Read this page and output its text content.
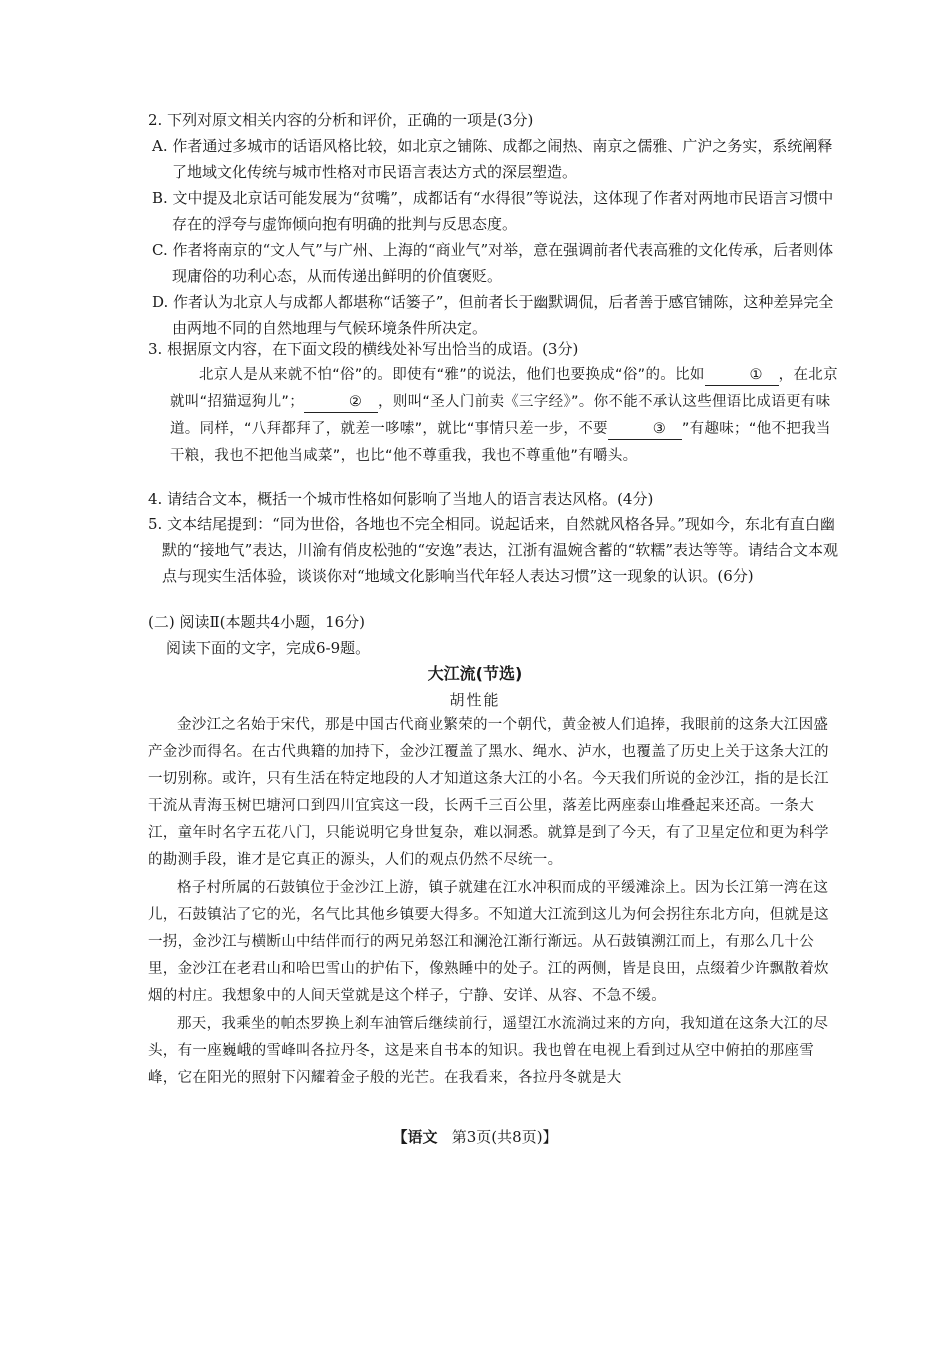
2. 下列对原文相关内容的分析和评价，正确的一项是(3分)

A. 作者通过多城市的话语风格比较，如北京之铺陈、成都之闹热、南京之儒雅、广沪之务实，系统阐释了地域文化传统与城市性格对市民语言表达方式的深层塑造。

B. 文中提及北京话可能发展为“贫嘴”，成都话有“水得很”等说法，这体现了作者对两地市民语言习惯中存在的浮夸与虚饰倾向抱有明确的批判与反思态度。

C. 作者将南京的“文人气”与广州、上海的“商业气”对举，意在强调前者代表高雅的文化传承，后者则体现庸俗的功利心态，从而传递出鲜明的价值褒贬。

D. 作者认为北京人与成都人都堪称“话篓子”，但前者长于幽默调侃，后者善于感官铺陈，这种差异完全由两地不同的自然地理与气候环境条件所决定。

3. 根据原文内容，在下面文段的横线处补写出恰当的成语。(3分)

北京人是从来就不怕“俗”的。即使有“雅”的说法，他们也要换成“俗”的。比如	① ，在北京就叫“招猫逗狗儿”；	② ，则叫“圣人门前卖《三字经》”。你不能不承认这些俚语比成语更有味道。同样，“八拜都拜了，就差一哆嗦”，就比“事情只差一步，不要	③ ”有趣味；“他不把我当干粮，我也不把他当咸菜”，也比“他不尊重我，我也不尊重他”有嚼头。

4. 请结合文本，概括一个城市性格如何影响了当地人的语言表达风格。(4分)

5. 文本结尾提到：“同为世俗，各地也不完全相同。说起话来，自然就风格各异。”现如今，东北有直白幽默的“接地气”表达，川渝有俏皮松弛的“安逸”表达，江浙有温婉含蓄的“软糯”表达等等。请结合文本观点与现实生活体验，谈谈你对“地域文化影响当代年轻人表达习惯”这一现象的认识。(6分)

(二) 阅读Ⅱ(本题共4小题，16分)

阅读下面的文字，完成6-9题。

大江流(节选)
胡性能

金沙江之名始于宋代，那是中国古代商业繁荣的一个朝代，黄金被人们追捧，我眼前的这条大江因盛产金沙而得名。在古代典籍的加持下，金沙江覆盖了黑水、绳水、泸水，也覆盖了历史上关于这条大江的一切别称。或许，只有生活在特定地段的人才知道这条大江的小名。今天我们所说的金沙江，指的是长江干流从青海玉树巴塘河口到四川宜宾这一段，长两千三百公里，落差比两座泰山堆叠起来还高。一条大江，童年时名字五花八门，只能说明它身世复杂，难以洞悉。就算是到了今天，有了卫星定位和更为科学的勘测手段，谁才是它真正的源头，人们的观点仍然不尽统一。

格子村所属的石鼓镇位于金沙江上游，镇子就建在江水冲积而成的平缓滩涂上。因为长江第一湾在这儿，石鼓镇沾了它的光，名气比其他乡镇要大得多。不知道大江流到这儿为何会拐往东北方向，但就是这一拐，金沙江与横断山中结伴而行的两兄弟怒江和澜沧江渐行渐远。从石鼓镇溯江而上，有那么几十公里，金沙江在老君山和哈巴雪山的护佑下，像熟睡中的处子。江的两侧，皆是良田，点缀着少许飘散着炊烟的村庄。我想象中的人间天堂就是这个样子，宁静、安详、从容、不急不缓。

那天，我乘坐的帕杰罗换上刹车油管后继续前行，遥望江水流淌过来的方向，我知道在这条大江的尽头，有一座巍峨的雪峰叫各拉丹冬，这是来自书本的知识。我也曾在电视上看到过从空中俯拍的那座雪峰，它在阳光的照射下闪耀着金子般的光芒。在我看来，各拉丹冬就是大

【语文 第3页(共8页)】
